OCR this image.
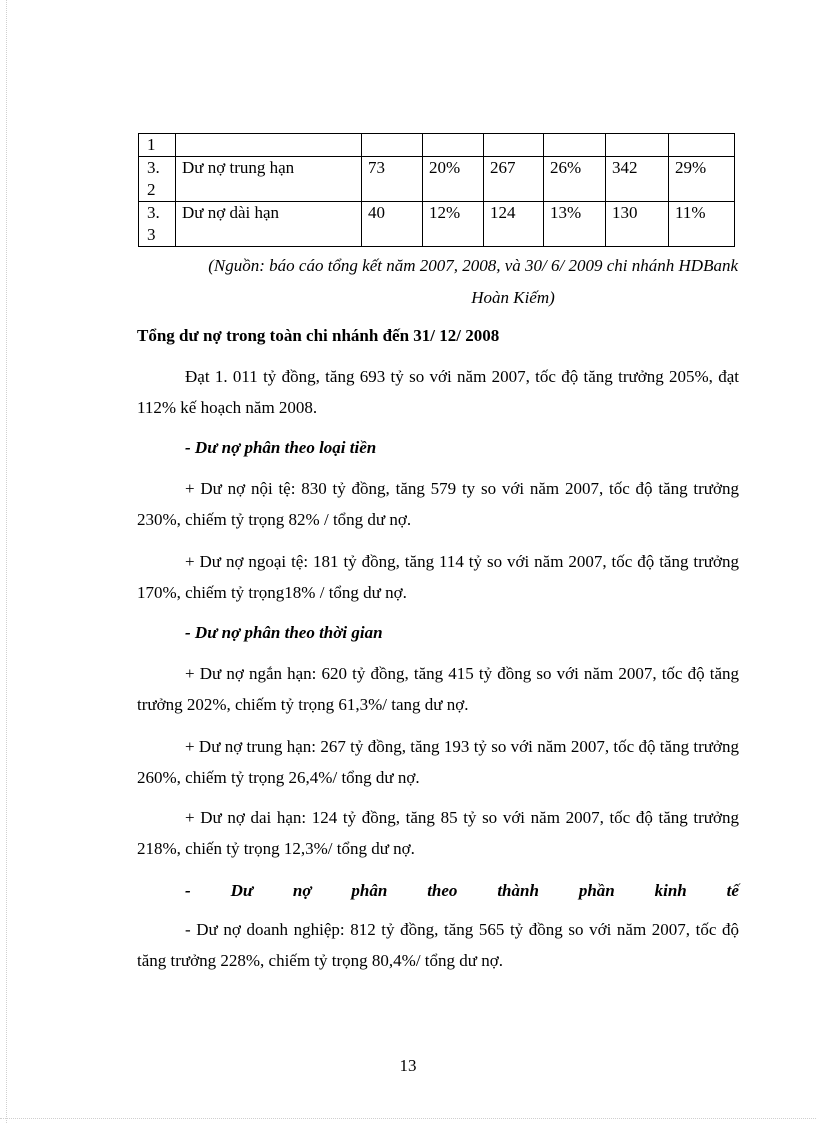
1							
3.
2	Dư nợ trung hạn	73	20%	267	26%	342	29%
3.
3	Dư nợ dài hạn	40	12%	124	13%	130	11%
(Nguồn: báo cáo tổng kết năm 2007, 2008, và 30/ 6/ 2009 chi nhánh HDBank
Hoàn Kiếm)
Tổng dư nợ trong toàn chi nhánh đến 31/ 12/ 2008
Đạt 1. 011 tỷ đồng, tăng 693 tỷ so với năm 2007, tốc độ tăng trưởng 205%, đạt 112% kế hoạch năm 2008.
- Dư nợ phân theo loại tiền
+ Dư nợ nội tệ: 830 tỷ đồng, tăng 579 ty so với năm 2007, tốc độ tăng trưởng 230%, chiếm tỷ trọng 82% / tổng dư nợ.
+ Dư nợ ngoại tệ: 181 tỷ đồng, tăng 114 tỷ so với năm 2007, tốc độ tăng trưởng 170%, chiếm tỷ trọng18% / tổng dư nợ.
- Dư nợ phân theo thời gian
+ Dư nợ ngắn hạn: 620 tỷ đồng, tăng 415 tỷ đồng so với năm 2007, tốc độ tăng trưởng 202%, chiếm tỷ trọng 61,3%/ tang dư nợ.
+ Dư nợ trung hạn: 267 tỷ đồng, tăng 193 tỷ so với năm 2007, tốc độ tăng trưởng 260%, chiếm tỷ trọng 26,4%/ tổng dư nợ.
+ Dư nợ dai hạn: 124 tỷ đồng, tăng 85 tỷ so với năm 2007, tốc độ tăng trưởng 218%, chiến tỷ trọng 12,3%/ tổng dư nợ.
- Dư nợ phân theo thành phần kinh tế
- Dư nợ doanh nghiệp: 812 tỷ đồng, tăng 565 tỷ đồng so với năm 2007, tốc độ tăng trưởng 228%, chiếm tỷ trọng 80,4%/ tổng dư nợ.
13
